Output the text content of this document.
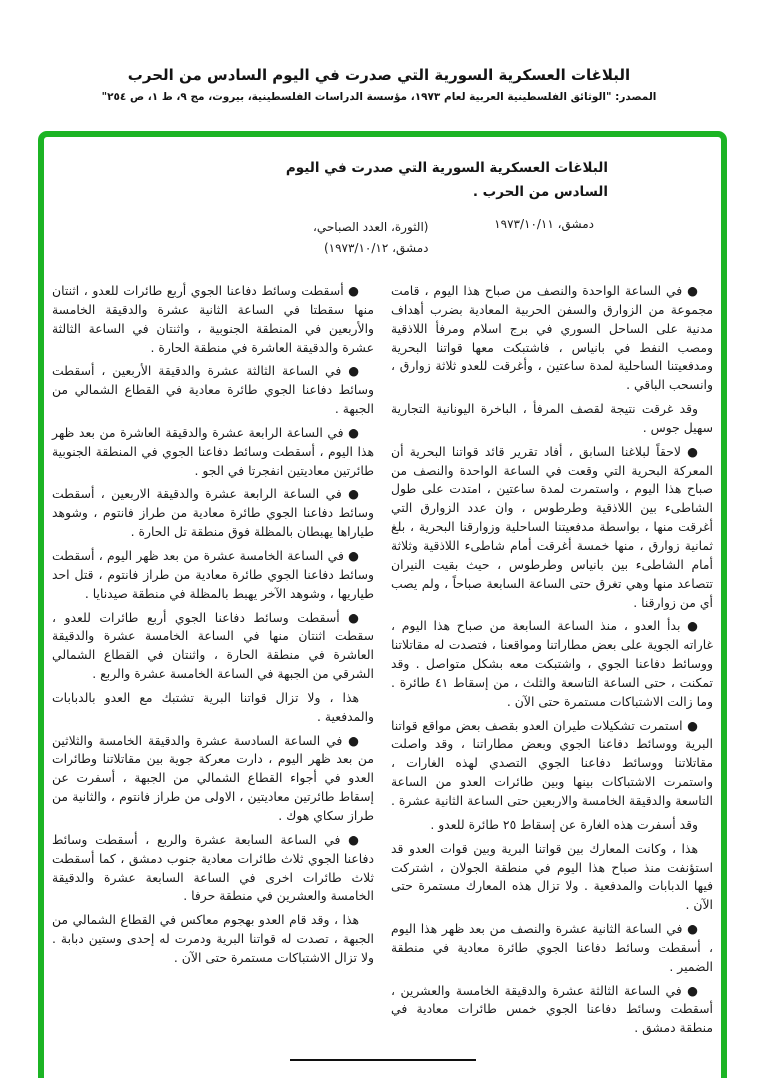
البلاغات العسكرية السورية التي صدرت في اليوم السادس من الحرب
المصدر: "الوثائق الفلسطينية العربية لعام ١٩٧٣، مؤسسة الدراسات الفلسطينية، بيروت، مج ٩، ط ١، ص ٢٥٤"
البلاغات العسكرية السورية التي صدرت في اليوم السادس من الحرب .
دمشق، ١٩٧٣/١٠/١١
(الثورة، العدد الصباحي،
دمشق، ١٩٧٣/١٠/١٢)

● في الساعة الواحدة والنصف من صباح هذا اليوم ، قامت مجموعة من الزوارق والسفن الحربية المعادية بضرب أهداف مدنية على الساحل السوري في برج اسلام ومرفأ اللاذقية ومصب النفط في بانياس ، فاشتبكت معها قواتنا البحرية ومدفعيتنا الساحلية لمدة ساعتين ، وأغرقت للعدو ثلاثة زوارق ، وانسحب الباقي .

وقد غرقت نتيجة لقصف المرفأ ، الباخرة اليونانية التجارية سهيل جوس .

● لاحقاً لبلاغنا السابق ، أفاد تقرير قائد قواتنا البحرية أن المعركة البحرية التي وقعت في الساعة الواحدة والنصف من صباح هذا اليوم ، واستمرت لمدة ساعتين ، امتدت على طول الشاطىء بين اللاذقية وطرطوس ، وان عدد الزوارق التي أغرقت منها ، بواسطة مدفعيتنا الساحلية وزوارقنا البحرية ، بلغ ثمانية زوارق ، منها خمسة أغرقت أمام شاطىء اللاذقية وثلاثة أمام الشاطىء بين بانياس وطرطوس ، حيث بقيت النيران تتصاعد منها وهي تغرق حتى الساعة السابعة صباحاً ، ولم يصب أي من زوارقنا .

● بدأ العدو ، منذ الساعة السابعة من صباح هذا اليوم ، غاراته الجوية على بعض مطاراتنا ومواقعنا ، فتصدت له مقاتلاتنا ووسائط دفاعنا الجوي ، واشتبكت معه بشكل متواصل . وقد تمكنت ، حتى الساعة التاسعة والثلث ، من إسقاط ٤١ طائرة . وما زالت الاشتباكات مستمرة حتى الآن .

● استمرت تشكيلات طيران العدو بقصف بعض مواقع قواتنا البرية ووسائط دفاعنا الجوي وبعض مطاراتنا ، وقد واصلت مقاتلاتنا ووسائط دفاعنا الجوي التصدي لهذه الغارات ، واستمرت الاشتباكات بينها وبين طائرات العدو من الساعة التاسعة والدقيقة الخامسة والاربعين حتى الساعة الثانية عشرة .

وقد أسفرت هذه الغارة عن إسقاط ٢٥ طائرة للعدو .

هذا ، وكانت المعارك بين قواتنا البرية وبين قوات العدو قد استؤنفت منذ صباح هذا اليوم في منطقة الجولان ، اشتركت فيها الدبابات والمدفعية . ولا تزال هذه المعارك مستمرة حتى الآن .

● في الساعة الثانية عشرة والنصف من بعد ظهر هذا اليوم ، أسقطت وسائط دفاعنا الجوي طائرة معادية في منطقة الضمير .

● في الساعة الثالثة عشرة والدقيقة الخامسة والعشرين ، أسقطت وسائط دفاعنا الجوي خمس طائرات معادية في منطقة دمشق .

● أسقطت وسائط دفاعنا الجوي أربع طائرات للعدو ، اثنتان منها سقطتا في الساعة الثانية عشرة والدقيقة الخامسة والأربعين في المنطقة الجنوبية ، واثنتان في الساعة الثالثة عشرة والدقيقة العاشرة في منطقة الحارة .

● في الساعة الثالثة عشرة والدقيقة الأربعين ، أسقطت وسائط دفاعنا الجوي طائرة معادية في القطاع الشمالي من الجبهة .

● في الساعة الرابعة عشرة والدقيقة العاشرة من بعد ظهر هذا اليوم ، أسقطت وسائط دفاعنا الجوي في المنطقة الجنوبية طائرتين معاديتين انفجرتا في الجو .

● في الساعة الرابعة عشرة والدقيقة الاربعين ، أسقطت وسائط دفاعنا الجوي طائرة معادية من طراز فانتوم ، وشوهد طياراها يهبطان بالمظلة فوق منطقة تل الحارة .

● في الساعة الخامسة عشرة من بعد ظهر اليوم ، أسقطت وسائط دفاعنا الجوي طائرة معادية من طراز فانتوم ، قتل احد طياريها ، وشوهد الآخر يهبط بالمظلة في منطقة صيدنايا .

● أسقطت وسائط دفاعنا الجوي أربع طائرات للعدو ، سقطت اثنتان منها في الساعة الخامسة عشرة والدقيقة العاشرة في منطقة الحارة ، واثنتان في القطاع الشمالي الشرقي من الجبهة في الساعة الخامسة عشرة والربع .

هذا ، ولا تزال قواتنا البرية تشتبك مع العدو بالدبابات والمدفعية .

● في الساعة السادسة عشرة والدقيقة الخامسة والثلاثين من بعد ظهر اليوم ، دارت معركة جوية بين مقاتلاتنا وطائرات العدو في أجواء القطاع الشمالي من الجبهة ، أسفرت عن إسقاط طائرتين معاديتين ، الاولى من طراز فانتوم ، والثانية من طراز سكاي هوك .

● في الساعة السابعة عشرة والربع ، أسقطت وسائط دفاعنا الجوي ثلاث طائرات معادية جنوب دمشق ، كما أسقطت ثلاث طائرات اخرى في الساعة السابعة عشرة والدقيقة الخامسة والعشرين في منطقة حرفا .

هذا ، وقد قام العدو بهجوم معاكس في القطاع الشمالي من الجبهة ، تصدت له قواتنا البرية ودمرت له إحدى وستين دبابة . ولا تزال الاشتباكات مستمرة حتى الآن .
